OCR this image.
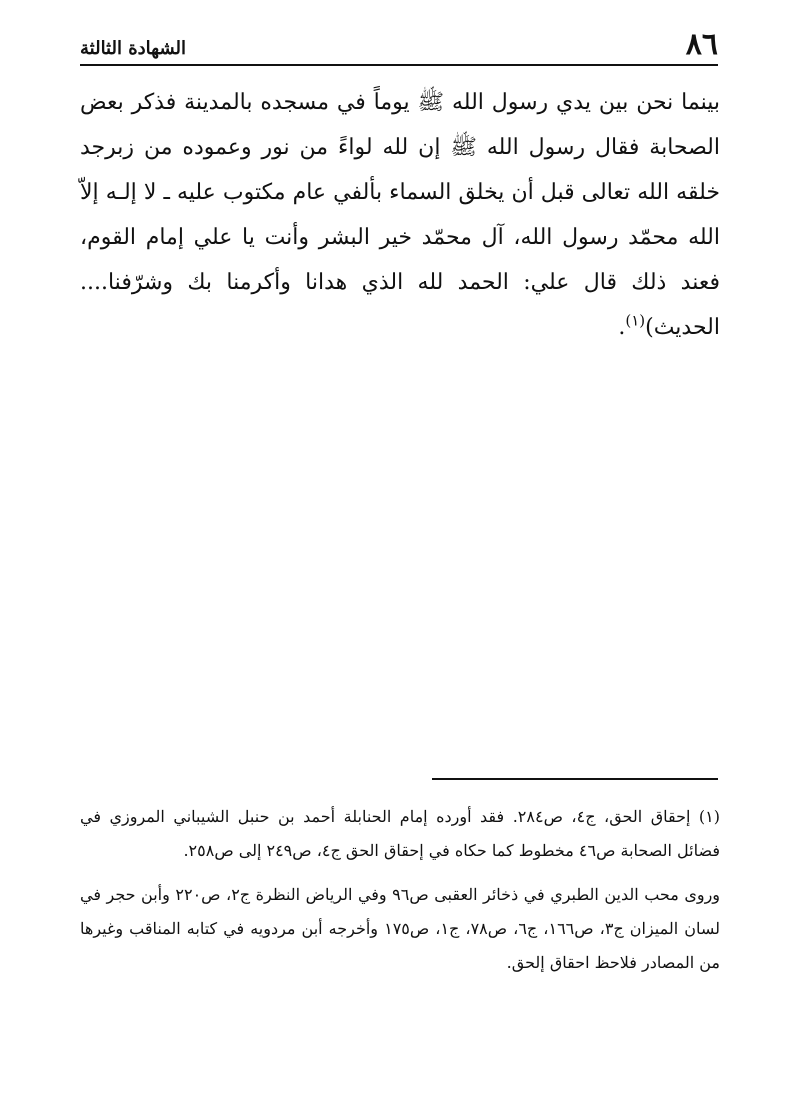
٨٦
الشهادة الثالثة

بينما نحن بين يدي رسول الله ﷺ يوماً في مسجده بالمدينة فذكر بعض الصحابة فقال رسول الله ﷺ إن لله لواءً من نور وعموده من زبرجد خلقه الله تعالى قبل أن يخلق السماء بألفي عام مكتوب عليه ـ لا إلـه إلاّ الله محمّد رسول الله، آل محمّد خير البشر وأنت يا علي إمام القوم، فعند ذلك قال علي: الحمد لله الذي هدانا وأكرمنا بك وشرّفنا.... الحديث)$^{(١)}$.

(١) إحقاق الحق، ج٤، ص٢٨٤. فقد أورده إمام الحنابلة أحمد بن حنبل الشيباني المروزي في فضائل الصحابة ص٤٦ مخطوط كما حكاه في إحقاق الحق ج٤، ص٢٤٩ إلى ص٢٥٨.

وروى محب الدين الطبري في ذخائر العقبى ص٩٦ وفي الرياض النظرة ج٢، ص٢٢٠ وأبن حجر في لسان الميزان ج٣، ص١٦٦، ج٦، ص٧٨، ج١، ص١٧٥ وأخرجه أبن مردويه في كتابه المناقب وغيرها من المصادر فلاحظ احقاق إلحق.
